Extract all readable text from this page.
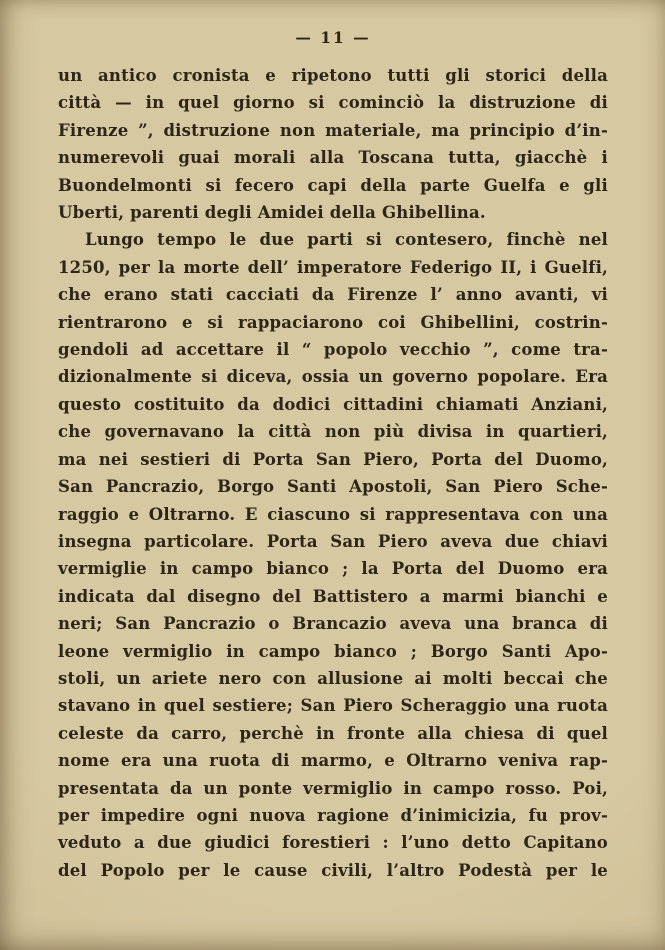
— 11 —
un antico cronista e ripetono tutti gli storici della
città — in quel giorno si cominciò la distruzione di
Firenze ”, distruzione non materiale, ma principio d’in-
numerevoli guai morali alla Toscana tutta, giacchè i
Buondelmonti si fecero capi della parte Guelfa e gli
Uberti, parenti degli Amidei della Ghibellina.
Lungo tempo le due parti si contesero, finchè nel
1250, per la morte dell’ imperatore Federigo II, i Guelfi,
che erano stati cacciati da Firenze l’ anno avanti, vi
rientrarono e si rappaciarono coi Ghibellini, costrin-
gendoli ad accettare il “ popolo vecchio ”, come tra-
dizionalmente si diceva, ossia un governo popolare. Era
questo costituito da dodici cittadini chiamati Anziani,
che governavano la città non più divisa in quartieri,
ma nei sestieri di Porta San Piero, Porta del Duomo,
San Pancrazio, Borgo Santi Apostoli, San Piero Sche-
raggio e Oltrarno. E ciascuno si rappresentava con una
insegna particolare. Porta San Piero aveva due chiavi
vermiglie in campo bianco ; la Porta del Duomo era
indicata dal disegno del Battistero a marmi bianchi e
neri; San Pancrazio o Brancazio aveva una branca di
leone vermiglio in campo bianco ; Borgo Santi Apo-
stoli, un ariete nero con allusione ai molti beccai che
stavano in quel sestiere; San Piero Scheraggio una ruota
celeste da carro, perchè in fronte alla chiesa di quel
nome era una ruota di marmo, e Oltrarno veniva rap-
presentata da un ponte vermiglio in campo rosso. Poi,
per impedire ogni nuova ragione d’inimicizia, fu prov-
veduto a due giudici forestieri : l’uno detto Capitano
del Popolo per le cause civili, l’altro Podestà per le
